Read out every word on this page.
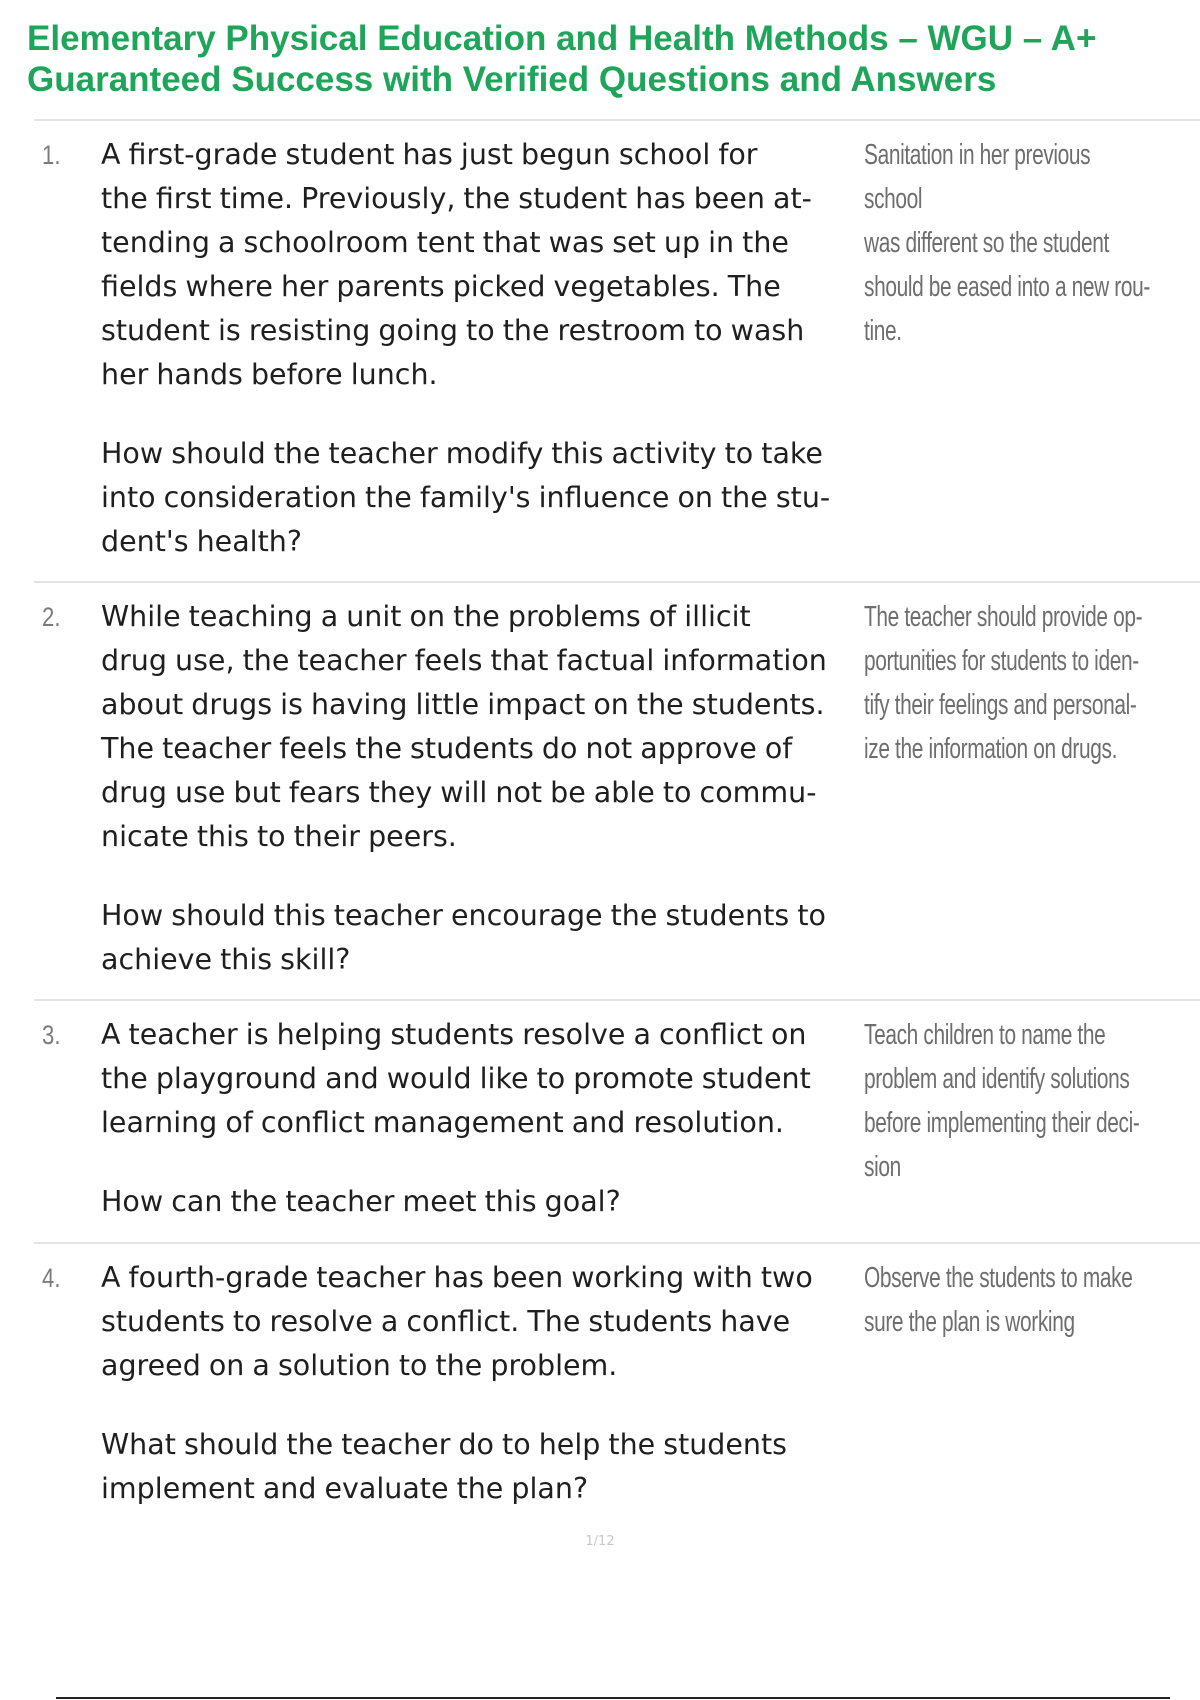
Elementary Physical Education and Health Methods – WGU – A+
Guaranteed Success with Verified Questions and Answers
1. A first-grade student has just begun school for
the first time. Previously, the student has been at-
tending a schoolroom tent that was set up in the
fields where her parents picked vegetables. The
student is resisting going to the restroom to wash
her hands before lunch.

How should the teacher modify this activity to take
into consideration the family's influence on the stu-
dent's health?

Sanitation in her previous school
was different so the student
should be eased into a new rou-
tine.
2. While teaching a unit on the problems of illicit
drug use, the teacher feels that factual information
about drugs is having little impact on the students.
The teacher feels the students do not approve of
drug use but fears they will not be able to commu-
nicate this to their peers.

How should this teacher encourage the students to
achieve this skill?

The teacher should provide op-
portunities for students to iden-
tify their feelings and personal-
ize the information on drugs.
3. A teacher is helping students resolve a conflict on
the playground and would like to promote student
learning of conflict management and resolution.

How can the teacher meet this goal?

Teach children to name the
problem and identify solutions
before implementing their deci-
sion
4. A fourth-grade teacher has been working with two
students to resolve a conflict. The students have
agreed on a solution to the problem.

What should the teacher do to help the students
implement and evaluate the plan?

Observe the students to make
sure the plan is working
1/12
